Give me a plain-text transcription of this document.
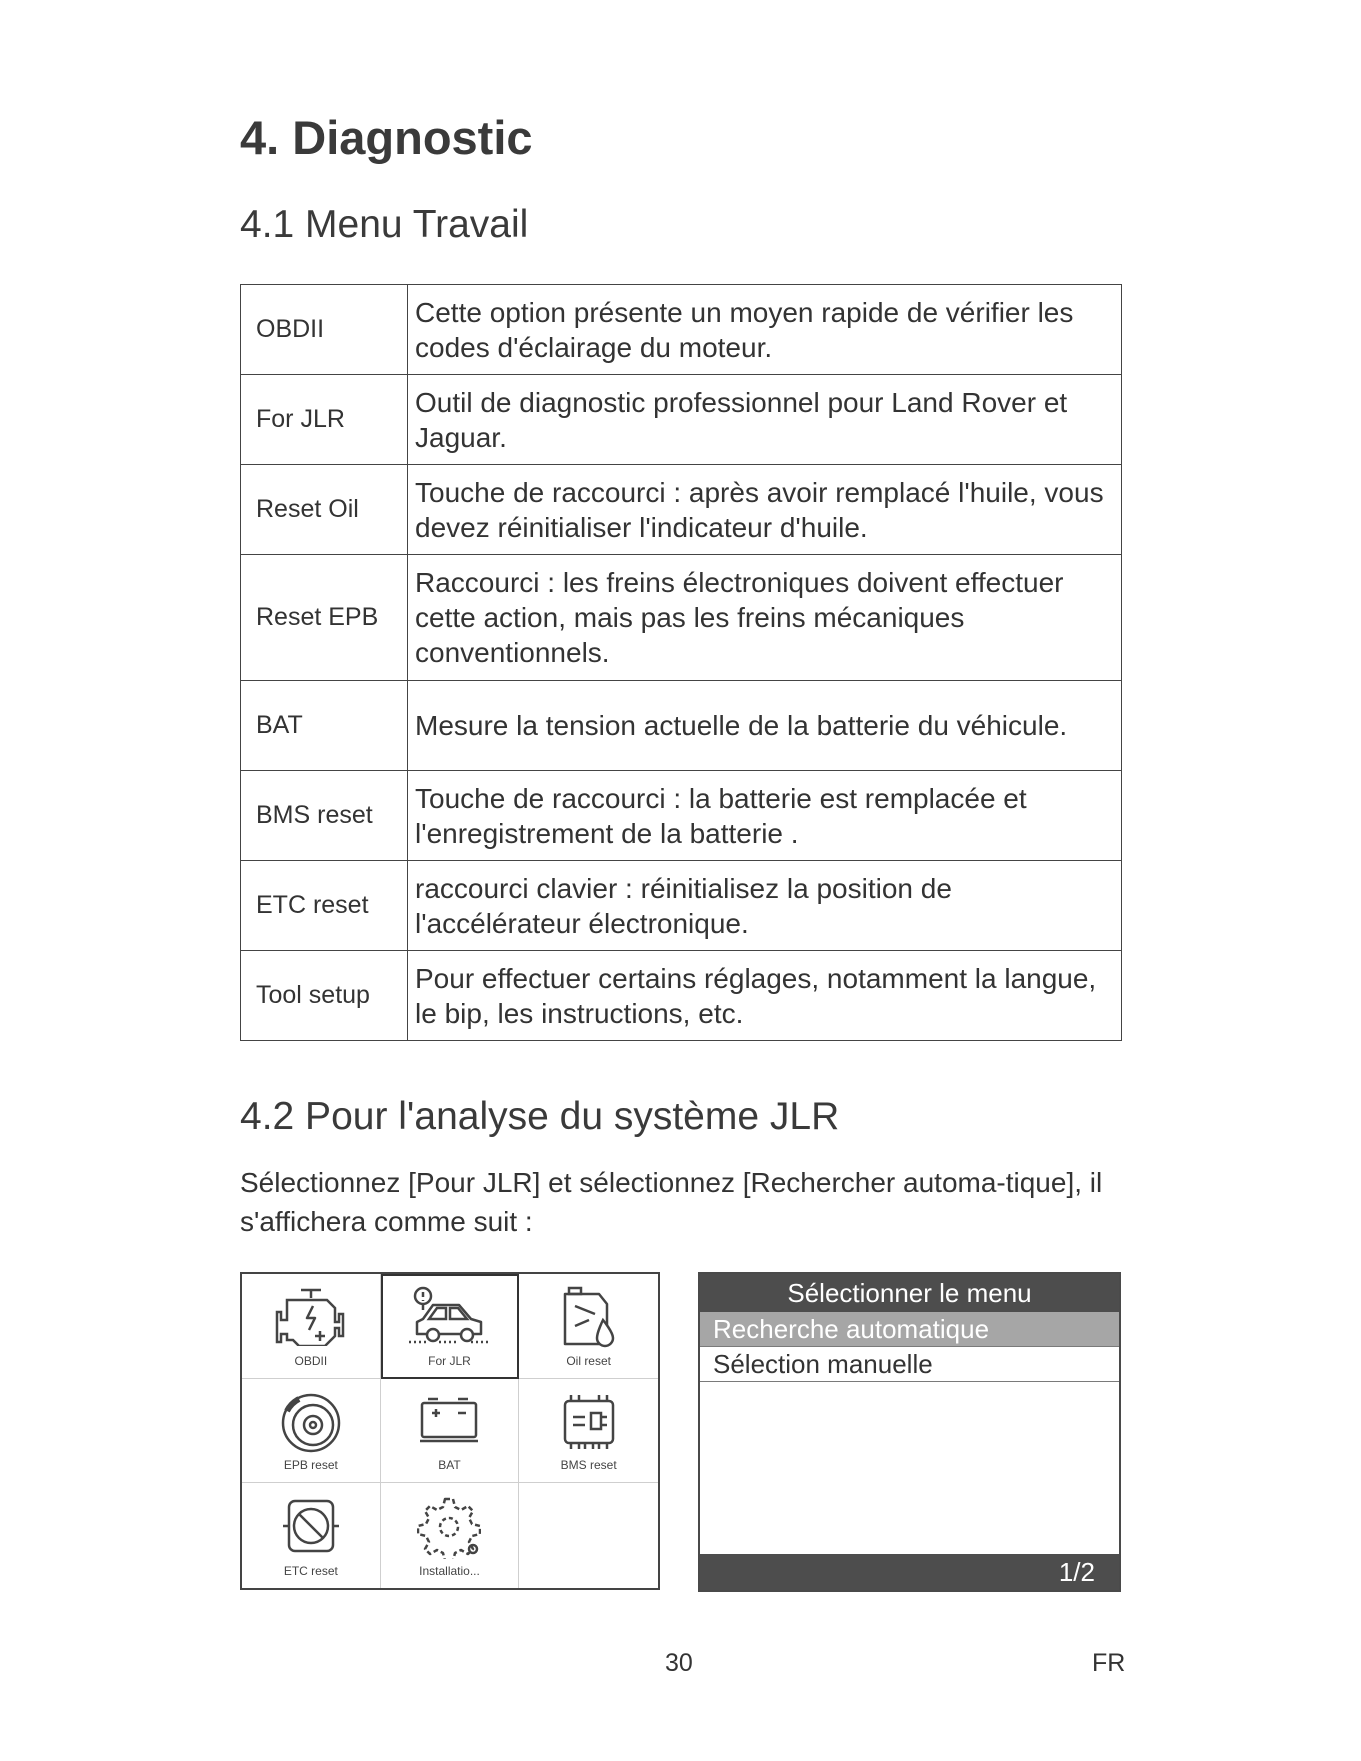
4. Diagnostic
4.1 Menu Travail
OBDII	Cette option présente un moyen rapide de vérifier les codes d'éclairage du moteur.
For JLR	Outil de diagnostic professionnel pour Land Rover et Jaguar.
Reset Oil	Touche de raccourci : après avoir remplacé l'huile, vous devez réinitialiser l'indicateur d'huile.
Reset EPB	Raccourci : les freins électroniques doivent effectuer cette action, mais pas les freins mécaniques conventionnels.
BAT	Mesure la tension actuelle de la batterie du véhicule.
BMS reset	Touche de raccourci : la batterie est remplacée et l'enregistrement de la batterie .
ETC reset	raccourci clavier : réinitialisez la position de l'accélérateur électronique.
Tool setup	Pour effectuer certains réglages, notamment la langue, le bip, les instructions, etc.
4.2 Pour l'analyse du système JLR

Sélectionnez [Pour JLR] et sélectionnez [Rechercher automa-tique], il s'affichera comme suit :

OBDII	For JLR	Oil reset
EPB reset	BAT	BMS reset
ETC reset	Installatio...
Sélectionner le menu
Recherche automatique
Sélection manuelle
1/2
30	FR
